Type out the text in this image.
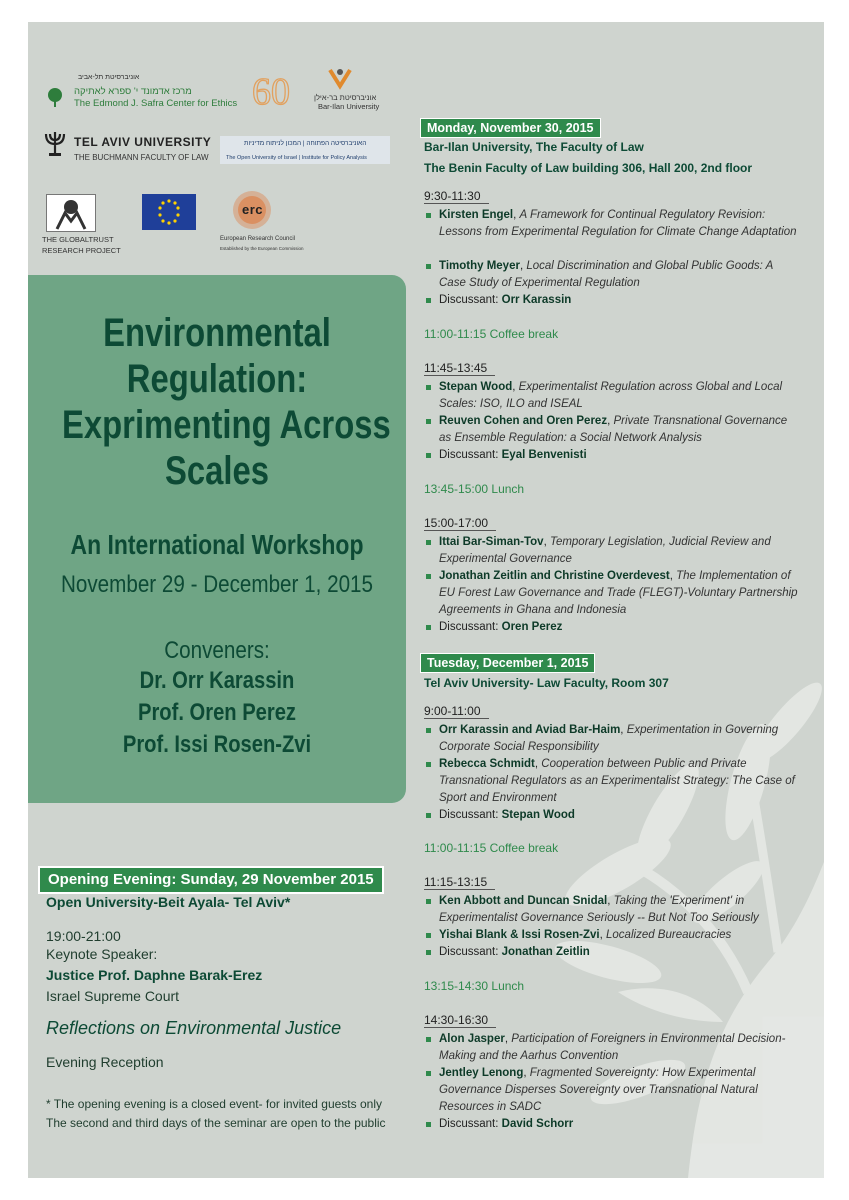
אוניברסיטת תל-אביב
מרכז אדמונד י' ספרא לאתיקה
The Edmond J. Safra Center for Ethics 60	אוניברסיטת בר-אילן
Bar-Ilan University
TEL AVIV UNIVERSITY
THE BUCHMANN FACULTY OF LAW
האוניברסיטה הפתוחה | המכון לניתוח מדיניות
The Open University of Israel | Institute for Policy Analysis
THE GLOBALTRUST
RESEARCH PROJECT
erc
European Research Council
Established by the European Commission
Environmental
Regulation:
Exprimenting Across
Scales
An International Workshop
November 29 - December 1, 2015
Conveners:
Dr. Orr Karassin
Prof. Oren Perez
Prof. Issi Rosen-Zvi
Opening Evening: Sunday, 29 November 2015
Open University-Beit Ayala- Tel Aviv*
19:00-21:00
Keynote Speaker:
Justice Prof. Daphne Barak-Erez
Israel Supreme Court
Reflections on Environmental Justice
Evening Reception
* The opening evening is a closed event- for invited guests only
The second and third days of the seminar are open to the public
Monday, November 30, 2015
Bar-Ilan University, The Faculty of Law
The Benin Faculty of Law building 306, Hall 200, 2nd floor
9:30-11:30
Kirsten Engel, A Framework for Continual Regulatory Revision: Lessons from Experimental Regulation for Climate Change Adaptation
Timothy Meyer, Local Discrimination and Global Public Goods: A Case Study of Experimental Regulation
Discussant: Orr Karassin
11:00-11:15 Coffee break
11:45-13:45
Stepan Wood, Experimentalist Regulation across Global and Local Scales: ISO, ILO and ISEAL
Reuven Cohen and Oren Perez, Private Transnational Governance as Ensemble Regulation: a Social Network Analysis
Discussant: Eyal Benvenisti
13:45-15:00 Lunch
15:00-17:00
Ittai Bar-Siman-Tov, Temporary Legislation, Judicial Review and Experimental Governance
Jonathan Zeitlin and Christine Overdevest, The Implementation of EU Forest Law Governance and Trade (FLEGT)-Voluntary Partnership Agreements in Ghana and Indonesia
Discussant: Oren Perez
Tuesday, December 1, 2015
Tel Aviv University- Law Faculty, Room 307
9:00-11:00
Orr Karassin and Aviad Bar-Haim, Experimentation in Governing Corporate Social Responsibility
Rebecca Schmidt, Cooperation between Public and Private Transnational Regulators as an Experimentalist Strategy: The Case of Sport and Environment
Discussant: Stepan Wood
11:00-11:15 Coffee break
11:15-13:15
Ken Abbott and Duncan Snidal, Taking the 'Experiment' in Experimentalist Governance Seriously -- But Not Too Seriously
Yishai Blank & Issi Rosen-Zvi, Localized Bureaucracies
Discussant: Jonathan Zeitlin
13:15-14:30 Lunch
14:30-16:30
Alon Jasper, Participation of Foreigners in Environmental Decision-Making and the Aarhus Convention
Jentley Lenong, Fragmented Sovereignty: How Experimental Governance Disperses Sovereignty over Transnational Natural Resources in SADC
Discussant: David Schorr
